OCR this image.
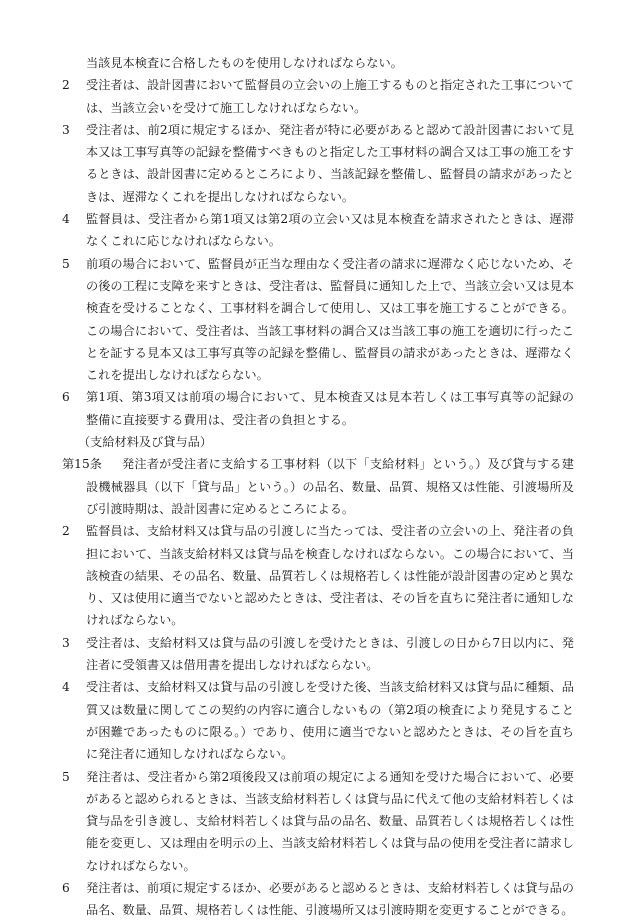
当該見本検査に合格したものを使用しなければならない。

2	受注者は、設計図書において監督員の立会いの上施工するものと指定された工事については、当該立会いを受けて施工しなければならない。
3	受注者は、前2項に規定するほか、発注者が特に必要があると認めて設計図書において見本又は工事写真等の記録を整備すべきものと指定した工事材料の調合又は工事の施工をするときは、設計図書に定めるところにより、当該記録を整備し、監督員の請求があったときは、遅滞なくこれを提出しなければならない。
4	監督員は、受注者から第1項又は第2項の立会い又は見本検査を請求されたときは、遅滞なくこれに応じなければならない。
5	前項の場合において、監督員が正当な理由なく受注者の請求に遅滞なく応じないため、その後の工程に支障を来すときは、受注者は、監督員に通知した上で、当該立会い又は見本検査を受けることなく、工事材料を調合して使用し、又は工事を施工することができる。この場合において、受注者は、当該工事材料の調合又は当該工事の施工を適切に行ったことを証する見本又は工事写真等の記録を整備し、監督員の請求があったときは、遅滞なくこれを提出しなければならない。
6	第1項、第3項又は前項の場合において、見本検査又は見本若しくは工事写真等の記録の整備に直接要する費用は、受注者の負担とする。

（支給材料及び貸与品）

第15条	発注者が受注者に支給する工事材料（以下「支給材料」という。）及び貸与する建設機械器具（以下「貸与品」という。）の品名、数量、品質、規格又は性能、引渡場所及び引渡時期は、設計図書に定めるところによる。
2	監督員は、支給材料又は貸与品の引渡しに当たっては、受注者の立会いの上、発注者の負担において、当該支給材料又は貸与品を検査しなければならない。この場合において、当該検査の結果、その品名、数量、品質若しくは規格若しくは性能が設計図書の定めと異なり、又は使用に適当でないと認めたときは、受注者は、その旨を直ちに発注者に通知しなければならない。
3	受注者は、支給材料又は貸与品の引渡しを受けたときは、引渡しの日から7日以内に、発注者に受領書又は借用書を提出しなければならない。
4	受注者は、支給材料又は貸与品の引渡しを受けた後、当該支給材料又は貸与品に種類、品質又は数量に関してこの契約の内容に適合しないもの（第2項の検査により発見することが困難であったものに限る。）であり、使用に適当でないと認めたときは、その旨を直ちに発注者に通知しなければならない。
5	発注者は、受注者から第2項後段又は前項の規定による通知を受けた場合において、必要があると認められるときは、当該支給材料若しくは貸与品に代えて他の支給材料若しくは貸与品を引き渡し、支給材料若しくは貸与品の品名、数量、品質若しくは規格若しくは性能を変更し、又は理由を明示の上、当該支給材料若しくは貸与品の使用を受注者に請求しなければならない。
6	発注者は、前項に規定するほか、必要があると認めるときは、支給材料若しくは貸与品の品名、数量、品質、規格若しくは性能、引渡場所又は引渡時期を変更することができる。
